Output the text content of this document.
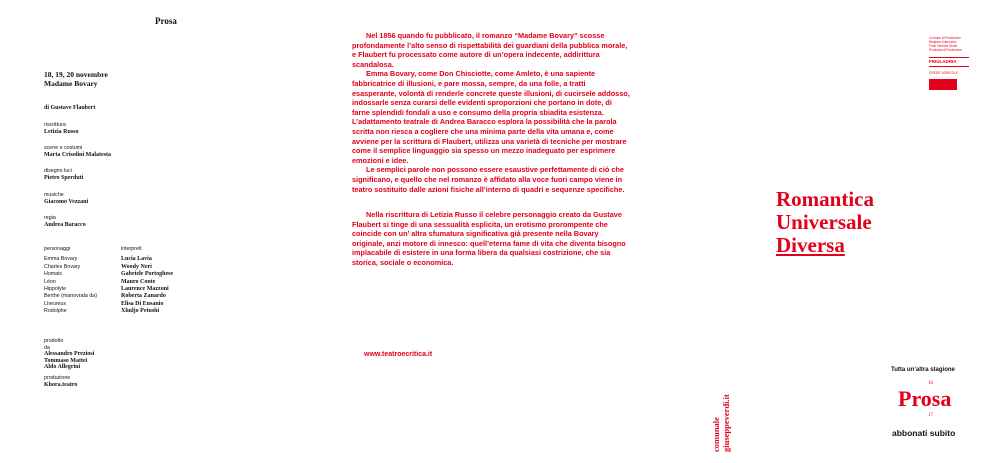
Prosa
18, 19, 20 novembre
Madame Bovary
di Gustave Flaubert
riscrittura
Letizia Russo
scene e costumi
Marta Crisolini Malatesta
disegno luci
Pietro Sperduti
musiche
Giacomo Vezzani
regia
Andrea Baracco
personaggi
Emma Bovary
Charles Bovary
Homais
Léon
Hippolyte
Berthe (manovrata da)
Lheureux
Rodolphe
interpreti
Lucia Lavia
Woody Neri
Gabriele Portoghese
Mauro Conte
Laurence Mazzoni
Roberta Zanardo
Elisa Di Eusanio
Xhuljo Petushi
prodotto
da
Alessandro Preziosi
Tommaso Mattei
Aldo Allegrini
produzione
Khora.teatro

Nel 1856 quando fu pubblicato, il romanzo “Madame Bovary” scosse profondamente l’alto senso di rispettabilità dei guardiani della pubblica morale, e Flaubert fu processato come autore di un’opera indecente, addirittura scandalosa.

Emma Bovary, come Don Chisciotte, come Amleto, è una sapiente fabbricatrice di illusioni, e pare mossa, sempre, da una folle, a tratti esasperante, volontà di renderle concrete queste illusioni, di cucirsele addosso, indossarle senza curarsi delle evidenti sproporzioni che portano in dote, di farne splendidi fondali a uso e consumo della propria sbiadita esistenza.

L’adattamento teatrale di Andrea Baracco esplora la possibilità che la parola scritta non riesca a cogliere che una minima parte della vita umana e, come avviene per la scrittura di Flaubert, utilizza una varietà di tecniche per mostrare come il semplice linguaggio sia spesso un mezzo inadeguato per esprimere emozioni e idee.

Le semplici parole non possono essere esaustive perfettamente di ciò che significano, e quello che nel romanzo è affidato alla voce fuori campo viene in teatro sostituito dalle azioni fisiche all’interno di quadri e sequenze specifiche.

Nella riscrittura di Letizia Russo il celebre personaggio creato da Gustave Flaubert si tinge di una sessualità esplicita, un erotismo prorompente che coincide con un’ altra sfumatura significativa già presente nella Bovary originale, anzi motore di innesco: quell’eterna fame di vita che diventa bisogno implacabile di esistere in una forma libera da qualsiasi costrizione, che sia storica, sociale o economica.

www.teatroecritica.it
Comune di Pordenone
Regione Autonoma
Friuli Venezia Giulia
Provincia di Pordenone
FRIULADRIA
CREDIT AGRICOLE
Romantica
Universale
Diversa
comunale giuseppeverdi.it
Tutta un’altra stagione
16
Prosa
17
abbonati subito
